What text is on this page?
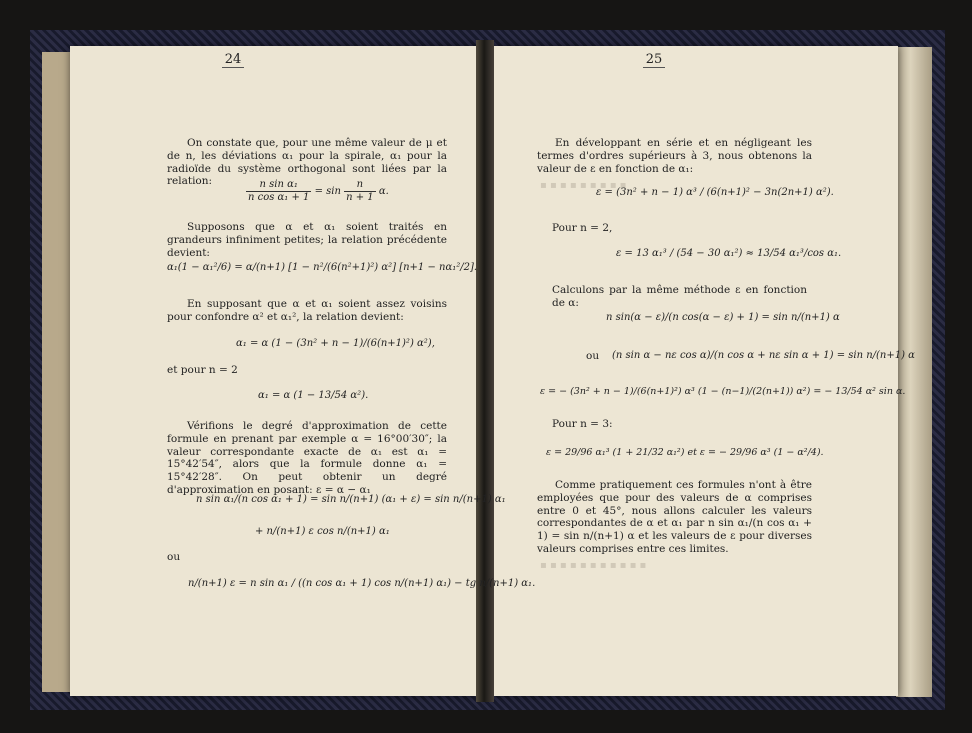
▪ ▪ ▪ ▪ ▪ ▪ ▪ ▪ ▪
▪ ▪ ▪ ▪ ▪ ▪ ▪ ▪ ▪ ▪ ▪
24
On constate que, pour une même valeur de μ et de n, les déviations α₁ pour la spirale, α₁ pour la radioïde du système orthogonal sont liées par la relation:	$\frac{\text{n sin α₁}}{\text{n cos α₁ + 1}} = \sin \frac{n}{n + 1} \alpha$.
Supposons que α et α₁ soient traités en grandeurs infiniment petites; la relation précédente devient:
α₁(1 − α₁²/6) = α/(n+1) [1 − n²/(6(n²+1)²) α²] [n+1 − nα₁²/2].
En supposant que α et α₁ soient assez voisins pour confondre α² et α₁², la relation devient:
α₁ = α (1 − (3n² + n − 1)/(6(n+1)²) α²),
et pour n = 2
α₁ = α (1 − 13/54 α²).
Vérifions le degré d'approximation de cette formule en prenant par exemple α = 16°00′30″; la valeur correspondante exacte de α₁ est α₁ = 15°42′54″, alors que la formule donne α₁ = 15°42′28″. On peut obtenir un degré d'approximation en posant: ε = α − α₁
n sin α₁/(n cos α₁ + 1) = sin n/(n+1) (α₁ + ε) = sin n/(n+1) α₁
+ n/(n+1) ε cos n/(n+1) α₁
ou
n/(n+1) ε = n sin α₁ / ((n cos α₁ + 1) cos n/(n+1) α₁) − tg n/(n+1) α₁.
25
En développant en série et en négligeant les termes d'ordres supérieurs à 3, nous obtenons la valeur de ε en fonction de α₁:
ε = (3n² + n − 1) α³ / (6(n+1)² − 3n(2n+1) α²).
Pour n = 2,
ε = 13 α₁³ / (54 − 30 α₁²) ≈ 13/54 α₁³/cos α₁.
Calculons par la même méthode ε en fonction de α:
n sin(α − ε)/(n cos(α − ε) + 1) = sin n/(n+1) α
ou	(n sin α − nε cos α)/(n cos α + nε sin α + 1) = sin n/(n+1) α
ε = − (3n² + n − 1)/(6(n+1)²) α³ (1 − (n−1)/(2(n+1)) α²) = − 13/54 α² sin α.
Pour n = 3:
ε = 29/96 α₁³ (1 + 21/32 α₁²) et ε = − 29/96 α³ (1 − α²/4).
Comme pratiquement ces formules n'ont à être employées que pour des valeurs de α comprises entre 0 et 45°, nous allons calculer les valeurs correspondantes de α et α₁ par n sin α₁/(n cos α₁ + 1) = sin n/(n+1) α et les valeurs de ε pour diverses valeurs comprises entre ces limites.
